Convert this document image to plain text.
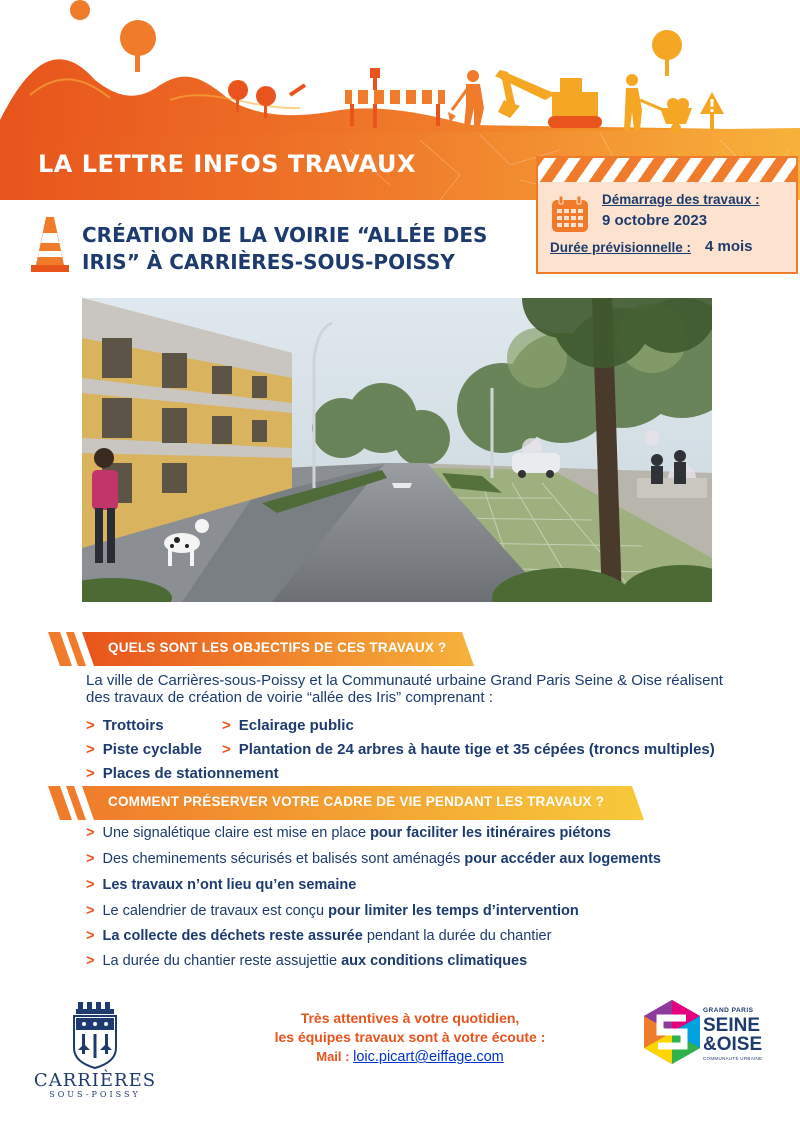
LA LETTRE INFOS TRAVAUX
Démarrage des travaux :
9 octobre 2023
Durée prévisionnelle : 4 mois
CRÉATION DE LA VOIRIE “ALLÉE DES IRIS” À CARRIÈRES-SOUS-POISSY
QUELS SONT LES OBJECTIFS DE CES TRAVAUX ?
La ville de Carrières-sous-Poissy et la Communauté urbaine Grand Paris Seine & Oise réalisent des travaux de création de voirie “allée des Iris” comprenant :
> Trottoirs	> Eclairage public
> Piste cyclable > Plantation de 24 arbres à haute tige et 35 cépées (troncs multiples)
> Places de stationnement
COMMENT PRÉSERVER VOTRE CADRE DE VIE PENDANT LES TRAVAUX ?
> Une signalétique claire est mise en place pour faciliter les itinéraires piétons
> Des cheminements sécurisés et balisés sont aménagés pour accéder aux logements
> Les travaux n’ont lieu qu’en semaine
> Le calendrier de travaux est conçu pour limiter les temps d’intervention
> La collecte des déchets reste assurée pendant la durée du chantier
> La durée du chantier reste assujettie aux conditions climatiques
CARRIÈRES
SOUS-POISSY
Très attentives à votre quotidien,
les équipes travaux sont à votre écoute :
Mail : loic.picart@eiffage.com
GRAND PARIS
SEINE
&OISE
COMMUNAUTÉ URBAINE
